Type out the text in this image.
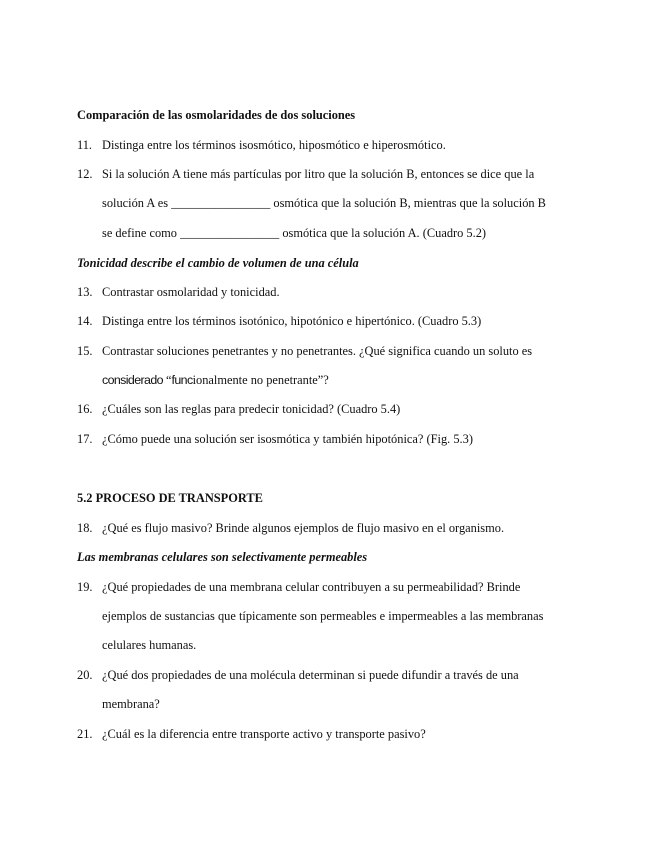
Comparación de las osmolaridades de dos soluciones
11. Distinga entre los términos isosmótico, hiposmótico e hiperosmótico.
12. Si la solución A tiene más partículas por litro que la solución B, entonces se dice que la
solución A es ________________ osmótica que la solución B, mientras que la solución B
se define como ________________ osmótica que la solución A. (Cuadro 5.2)
Tonicidad describe el cambio de volumen de una célula
13. Contrastar osmolaridad y tonicidad.
14. Distinga entre los términos isotónico, hipotónico e hipertónico. (Cuadro 5.3)
15. Contrastar soluciones penetrantes y no penetrantes. ¿Qué significa cuando un soluto es
considerado “funcionalmente no penetrante”?
16. ¿Cuáles son las reglas para predecir tonicidad? (Cuadro 5.4)
17. ¿Cómo puede una solución ser isosmótica y también hipotónica? (Fig. 5.3)
5.2 PROCESO DE TRANSPORTE
18. ¿Qué es flujo masivo? Brinde algunos ejemplos de flujo masivo en el organismo.
Las membranas celulares son selectivamente permeables
19. ¿Qué propiedades de una membrana celular contribuyen a su permeabilidad? Brinde
ejemplos de sustancias que típicamente son permeables e impermeables a las membranas
celulares humanas.
20. ¿Qué dos propiedades de una molécula determinan si puede difundir a través de una
membrana?
21. ¿Cuál es la diferencia entre transporte activo y transporte pasivo?
